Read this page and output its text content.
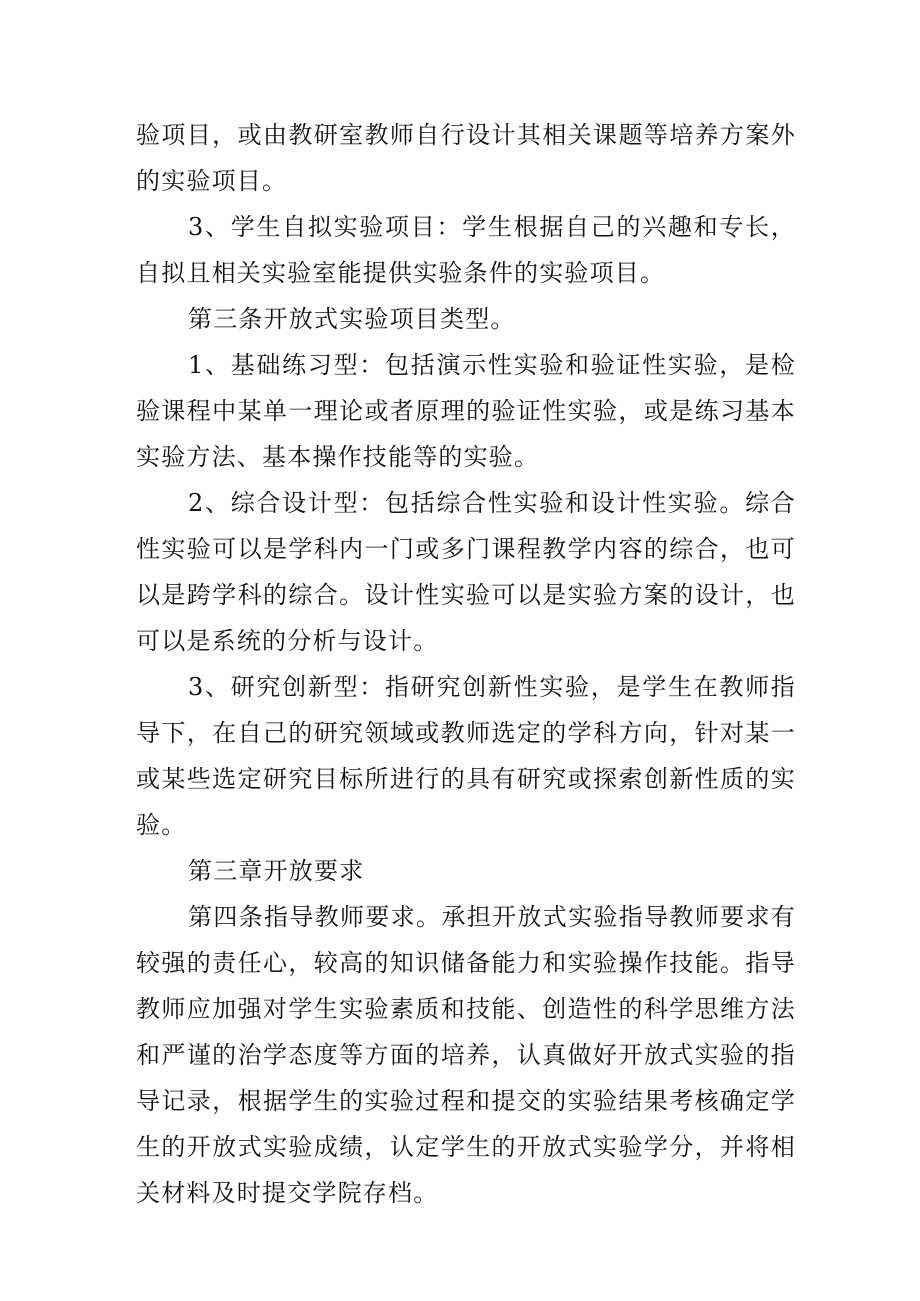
验项目，或由教研室教师自行设计其相关课题等培养方案外的实验项目。

3、学生自拟实验项目：学生根据自己的兴趣和专长，自拟且相关实验室能提供实验条件的实验项目。

第三条开放式实验项目类型。

1、基础练习型：包括演示性实验和验证性实验，是检验课程中某单一理论或者原理的验证性实验，或是练习基本实验方法、基本操作技能等的实验。

2、综合设计型：包括综合性实验和设计性实验。综合性实验可以是学科内一门或多门课程教学内容的综合，也可以是跨学科的综合。设计性实验可以是实验方案的设计，也可以是系统的分析与设计。

3、研究创新型：指研究创新性实验，是学生在教师指导下，在自己的研究领域或教师选定的学科方向，针对某一或某些选定研究目标所进行的具有研究或探索创新性质的实验。

第三章开放要求

第四条指导教师要求。承担开放式实验指导教师要求有较强的责任心，较高的知识储备能力和实验操作技能。指导教师应加强对学生实验素质和技能、创造性的科学思维方法和严谨的治学态度等方面的培养，认真做好开放式实验的指导记录，根据学生的实验过程和提交的实验结果考核确定学生的开放式实验成绩，认定学生的开放式实验学分，并将相关材料及时提交学院存档。
